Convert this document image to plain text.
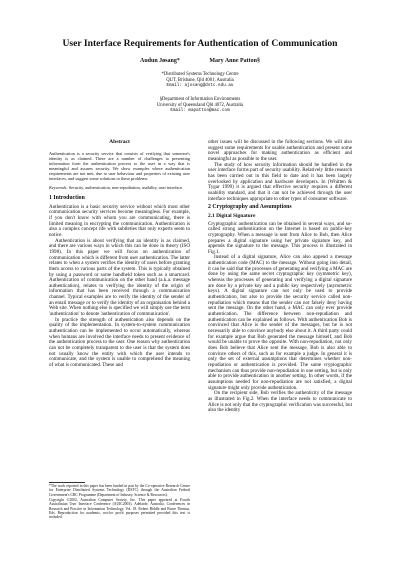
User Interface Requirements for Authentication of Communication
Audun Jøsang*	Mary Anne Patton§
*Distributed Systems Technology Centre
QUT, Brisbane, Qld 4001, Australia
Email: ajosang@dstc.edu.au
§Department of Information Environments
University of Queensland Qld 4072, Australia
Email: mapatton@mac.com
Abstract

Authentication is a security service that consists of verifying that someone's identity is as claimed. There are a number of challenges to presenting information from the authentication process to the user in a way that is meaningful and assures security. We show examples where authentication requirements are not met, due to user behaviour and properties of existing user interfaces, and suggest some solutions to these problems.

Keywords: Security, authentication, non-repudiation, usability, user interface.

1 Introduction

Authentication is a basic security service without which most other communication security services become meaningless. For example, if you don't know with whom you are communicating, there is limited meaning in encrypting the communication. Authentication is also a complex concept rife with subtleties that only experts seem to notice.

Authentication is about verifying that an identity is as claimed, and there are various ways in which this can be done in theory (ISO 1998). In this paper we will focus on authentication of communication which is different from user authentication. The latter relates to when a system verifies the identity of users before granting them access to various parts of the system. This is typically obtained by using a password or some handheld token such as a smartcard. Authentication of communication on the other hand (a.k.a. message authentication), relates to verifying the identity of the origin of information that has been received through a communication channel. Typical examples are to verify the identity of the sender of an email message or to verify the identity of an organisation behind a Web site. When nothing else is specified we will simply use the term 'authentication' to denote 'authentication of communication'.

In practice the strength of authentication also depends on the quality of the implementation. In system-to-system communication authentication can be implemented to occur automatically, whereas when humans are involved the interface needs to present evidence of the authentication process to the user. One reason why authentication can not be completely transparent to the user is that the system does not usually know the entity with which the user intends to communicate, and the system is unable to comprehend the meaning of what is communicated. These and

*The work reported in this paper has been funded in part by the Co-operative Research Centre for Enterprise Distributed Systems Technology (DSTC) through the Australian Federal Government's CRC Programme (Department of Industry, Science & Resources).

Copyright ©2002, Australian Computer Society, Inc. This paper appeared at Fourth Australasian User Interface Conference (AUIC2003), Adelaide, Australia. Conferences in Research and Practice in Information Technology, Vol. 18. Robert Biddle and Bruce Thomas, Eds. Reproduction for academic, not-for profit purposes permitted provided this text is included.

other issues will be discussed in the following sections. We will also suggest some requirements for usable authentication and present some novel approaches for making authentication as efficient and meaningful as possible to the user.

The study of how security information should be handled in the user interface forms part of security usability. Relatively little research has been carried out in this field to date and it has been largely overlooked by application and hardware developers. In (Whitten & Tygar 1999) it is argued that effective security requires a different usability standard, and that it can not be achieved through the user interface techniques appropriate to other types of consumer software.

2 Cryptography and Assumptions
2.1 Digital Signature

Cryptographic authentication can be obtained in several ways, and so-called strong authentication on the Internet is based on public-key cryptography. When a message is sent from Alice to Bob, then Alice prepares a digital signature using her private signature key, and appends the signature to the message. This process is illustrated in Fig.1.

Instead of a digital signature, Alice can also append a message authentication code (MAC) to the message. Without going into detail, it can be said that the processes of generating and verifying a MAC are done by using the same secret cryptographic key (symmetric key), whereas the processes of generating and verifying a digital signature are done by a private key and a public key respectively (asymmetric keys). A digital signature can not only be used to provide authentication, but also to provide the security service called non-repudiation which means that the sender can not falsely deny having sent the message. On the other hand, a MAC can only ever provide authentication. The difference between non-repudiation and authentication can be explained as follows. With authentication Bob is convinced that Alice is the sender of the messages, but he is not necessarily able to convince anybody else about it. A third party could for example argue that Bob generated the message himself, and Bob would be unable to prove the opposite. With non-repudiation, not only does Bob believe that Alice sent the message, Bob is also able to convince others of this, such as for example a judge. In general it is only the set of external assumptions that determines whether non-repudiation or authentication is provided. The same cryptographic mechanism can thus provide non-repudiation in one setting, but is only able to provide authentication in another setting. In other words, if the assumptions needed for non-repudiation are not satisfied, a digital signature might only provide authentication.

On the recipient side, Bob verifies the authenticity of the message as illustrated in Fig.2. When the interface needs to communicate to Alice is not only that the cryptographic verification was successful, but also the identity
